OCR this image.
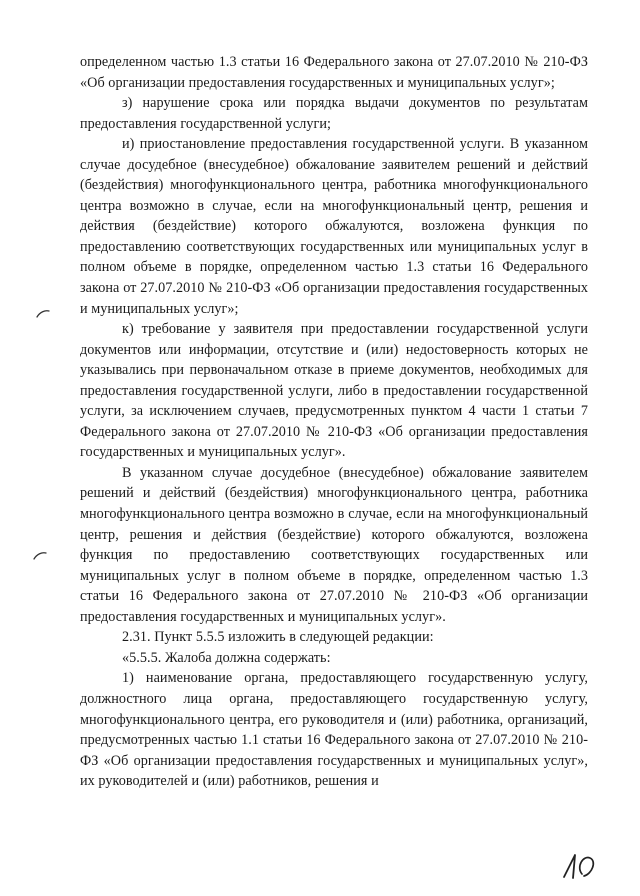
определенном частью 1.3 статьи 16 Федерального закона от 27.07.2010 № 210-ФЗ «Об организации предоставления государственных и муниципальных услуг»;

з) нарушение срока или порядка выдачи документов по результатам предоставления государственной услуги;

и) приостановление предоставления государственной услуги. В указанном случае досудебное (внесудебное) обжалование заявителем решений и действий (бездействия) многофункционального центра, работника многофункционального центра возможно в случае, если на многофункциональный центр, решения и действия (бездействие) которого обжалуются, возложена функция по предоставлению соответствующих государственных или муниципальных услуг в полном объеме в порядке, определенном частью 1.3 статьи 16 Федерального закона от 27.07.2010 № 210-ФЗ «Об организации предоставления государственных и муниципальных услуг»;

к) требование у заявителя при предоставлении государственной услуги документов или информации, отсутствие и (или) недостоверность которых не указывались при первоначальном отказе в приеме документов, необходимых для предоставления государственной услуги, либо в предоставлении государственной услуги, за исключением случаев, предусмотренных пунктом 4 части 1 статьи 7 Федерального закона от 27.07.2010 № 210-ФЗ «Об организации предоставления государственных и муниципальных услуг».

В указанном случае досудебное (внесудебное) обжалование заявителем решений и действий (бездействия) многофункционального центра, работника многофункционального центра возможно в случае, если на многофункциональный центр, решения и действия (бездействие) которого обжалуются, возложена функция по предоставлению соответствующих государственных или муниципальных услуг в полном объеме в порядке, определенном частью 1.3 статьи 16 Федерального закона от 27.07.2010 № 210-ФЗ «Об организации предоставления государственных и муниципальных услуг».

2.31. Пункт 5.5.5 изложить в следующей редакции:

«5.5.5. Жалоба должна содержать:

1) наименование органа, предоставляющего государственную услугу, должностного лица органа, предоставляющего государственную услугу, многофункционального центра, его руководителя и (или) работника, организаций, предусмотренных частью 1.1 статьи 16 Федерального закона от 27.07.2010 № 210-ФЗ «Об организации предоставления государственных и муниципальных услуг», их руководителей и (или) работников, решения и
